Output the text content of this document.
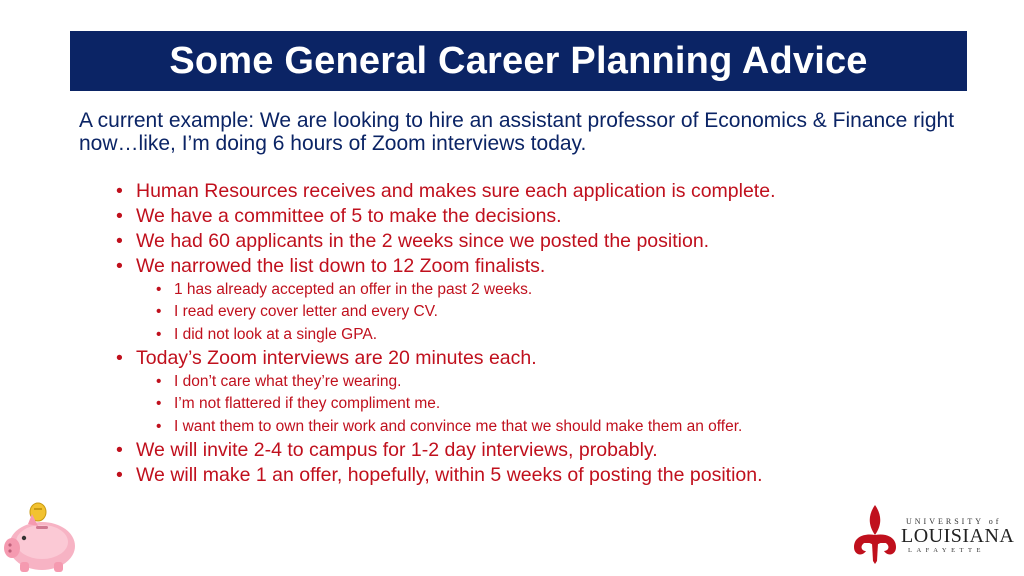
Some General Career Planning Advice
A current example: We are looking to hire an assistant professor of Economics & Finance right now…like, I’m doing 6 hours of Zoom interviews today.
• Human Resources receives and makes sure each application is complete.
• We have a committee of 5 to make the decisions.
• We had 60 applicants in the 2 weeks since we posted the position.
• We narrowed the list down to 12 Zoom finalists.
• 1 has already accepted an offer in the past 2 weeks.
• I read every cover letter and every CV.
• I did not look at a single GPA.
• Today’s Zoom interviews are 20 minutes each.
• I don’t care what they’re wearing.
• I’m not flattered if they compliment me.
• I want them to own their work and convince me that we should make them an offer.
• We will invite 2-4 to campus for 1-2 day interviews, probably.
• We will make 1 an offer, hopefully, within 5 weeks of posting the position.
UNIVERSITY of
LOUISIANA
LAFAYETTE
